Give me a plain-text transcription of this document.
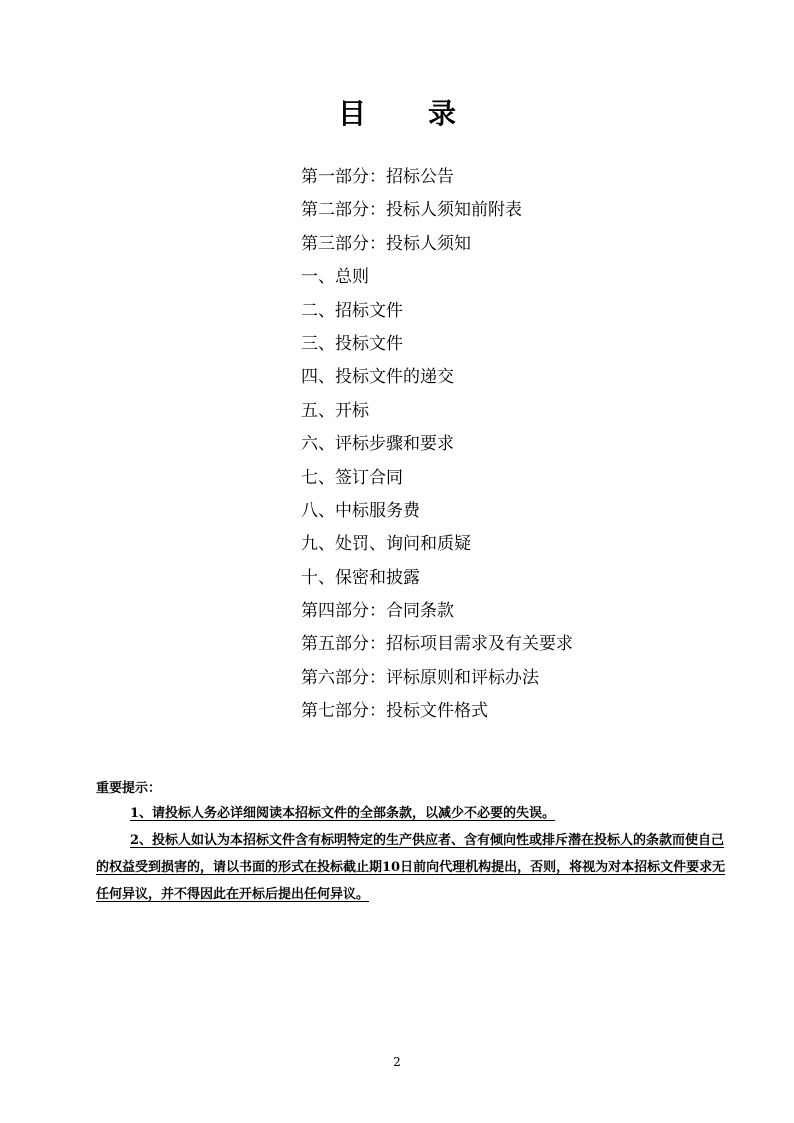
目 录
第一部分：招标公告
第二部分：投标人须知前附表
第三部分：投标人须知
一、总则
二、招标文件
三、投标文件
四、投标文件的递交
五、开标
六、评标步骤和要求
七、签订合同
八、中标服务费
九、处罚、询问和质疑
十、保密和披露
第四部分：合同条款
第五部分：招标项目需求及有关要求
第六部分：评标原则和评标办法
第七部分：投标文件格式
重要提示：

1、请投标人务必详细阅读本招标文件的全部条款，以减少不必要的失误。

2、投标人如认为本招标文件含有标明特定的生产供应者、含有倾向性或排斥潜在投标人的条款而使自己的权益受到损害的，请以书面的形式在投标截止期10日前向代理机构提出，否则，将视为对本招标文件要求无任何异议，并不得因此在开标后提出任何异议。

2
